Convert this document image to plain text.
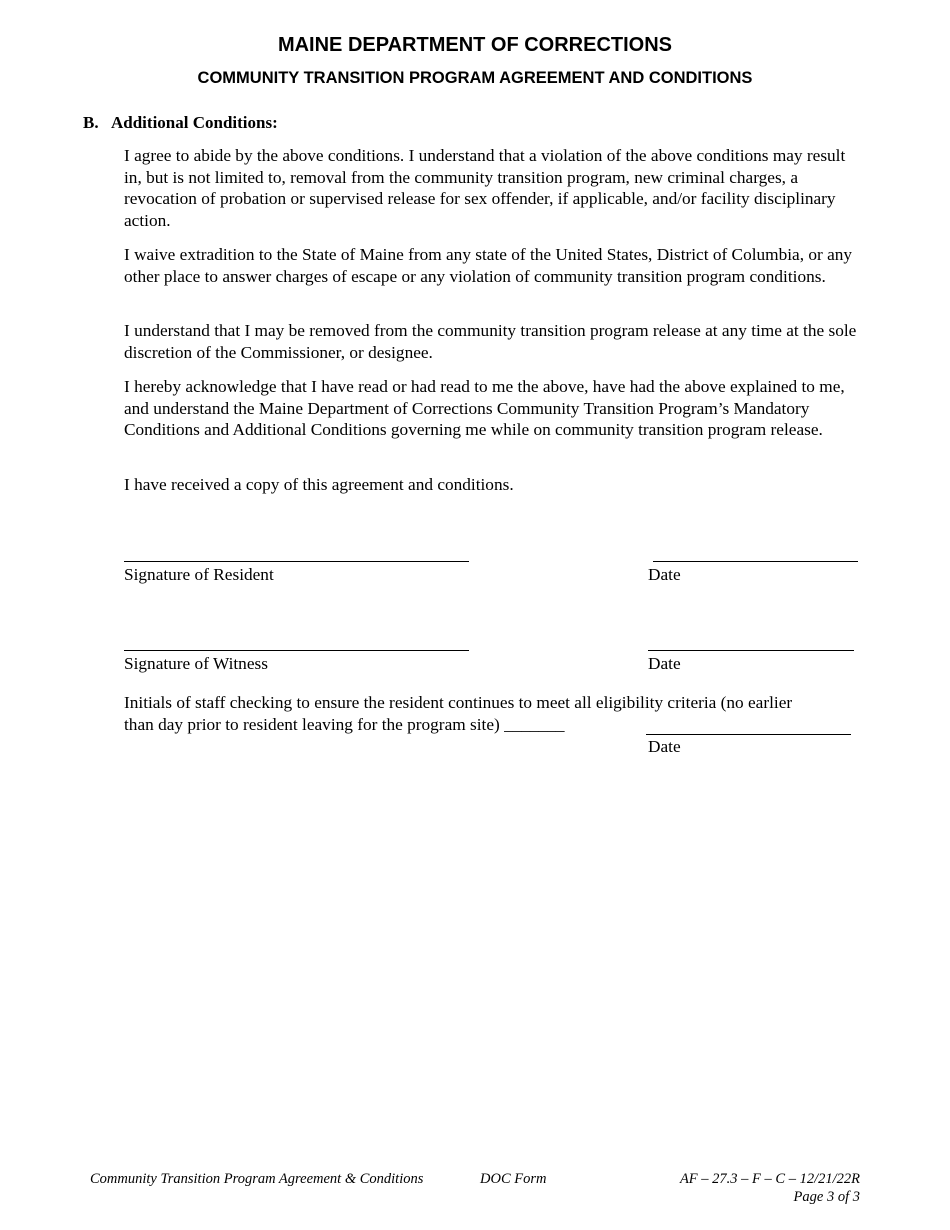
MAINE DEPARTMENT OF CORRECTIONS
COMMUNITY TRANSITION PROGRAM AGREEMENT AND CONDITIONS
B. Additional Conditions:

I agree to abide by the above conditions. I understand that a violation of the above conditions may result in, but is not limited to, removal from the community transition program, new criminal charges, a revocation of probation or supervised release for sex offender, if applicable, and/or facility disciplinary action.

I waive extradition to the State of Maine from any state of the United States, District of Columbia, or any other place to answer charges of escape or any violation of community transition program conditions.

I understand that I may be removed from the community transition program release at any time at the sole discretion of the Commissioner, or designee.

I hereby acknowledge that I have read or had read to me the above, have had the above explained to me, and understand the Maine Department of Corrections Community Transition Program’s Mandatory Conditions and Additional Conditions governing me while on community transition program release.

I have received a copy of this agreement and conditions.

Signature of Resident	Date
Signature of Witness	Date
Initials of staff checking to ensure the resident continues to meet all eligibility criteria (no earlier
than day prior to resident leaving for the program site) _______
Date
Community Transition Program Agreement & Conditions	DOC Form	AF – 27.3 – F – C – 12/21/22R
Page 3 of 3
